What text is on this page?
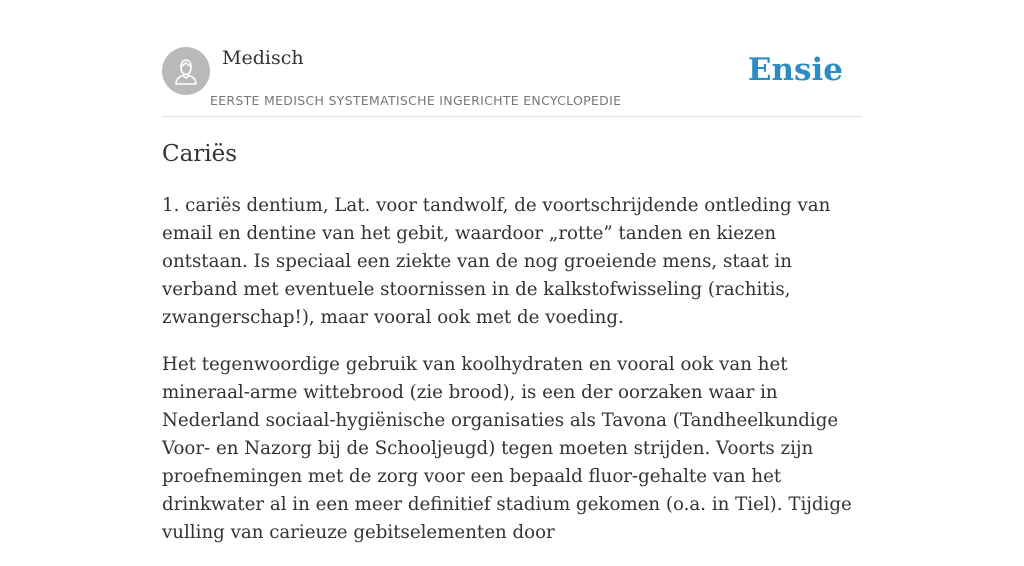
Medisch
EERSTE MEDISCH SYSTEMATISCHE INGERICHTE ENCYCLOPEDIE
Ensie
Cariës

1. cariës dentium, Lat. voor tandwolf, de voortschrijdende ontleding van email en dentine van het gebit, waardoor „rotte” tanden en kiezen ontstaan. Is speciaal een ziekte van de nog groeiende mens, staat in verband met eventuele stoornissen in de kalkstofwisseling (rachitis, zwangerschap!), maar vooral ook met de voeding.

Het tegenwoordige gebruik van koolhydraten en vooral ook van het mineraal-arme wittebrood (zie brood), is een der oorzaken waar in Nederland sociaal-hygiënische organisaties als Tavona (Tandheelkundige Voor- en Nazorg bij de Schooljeugd) tegen moeten strijden. Voorts zijn proefnemingen met de zorg voor een bepaald fluor-gehalte van het drinkwater al in een meer definitief stadium gekomen (o.a. in Tiel). Tijdige vulling van carieuze gebitselementen door
